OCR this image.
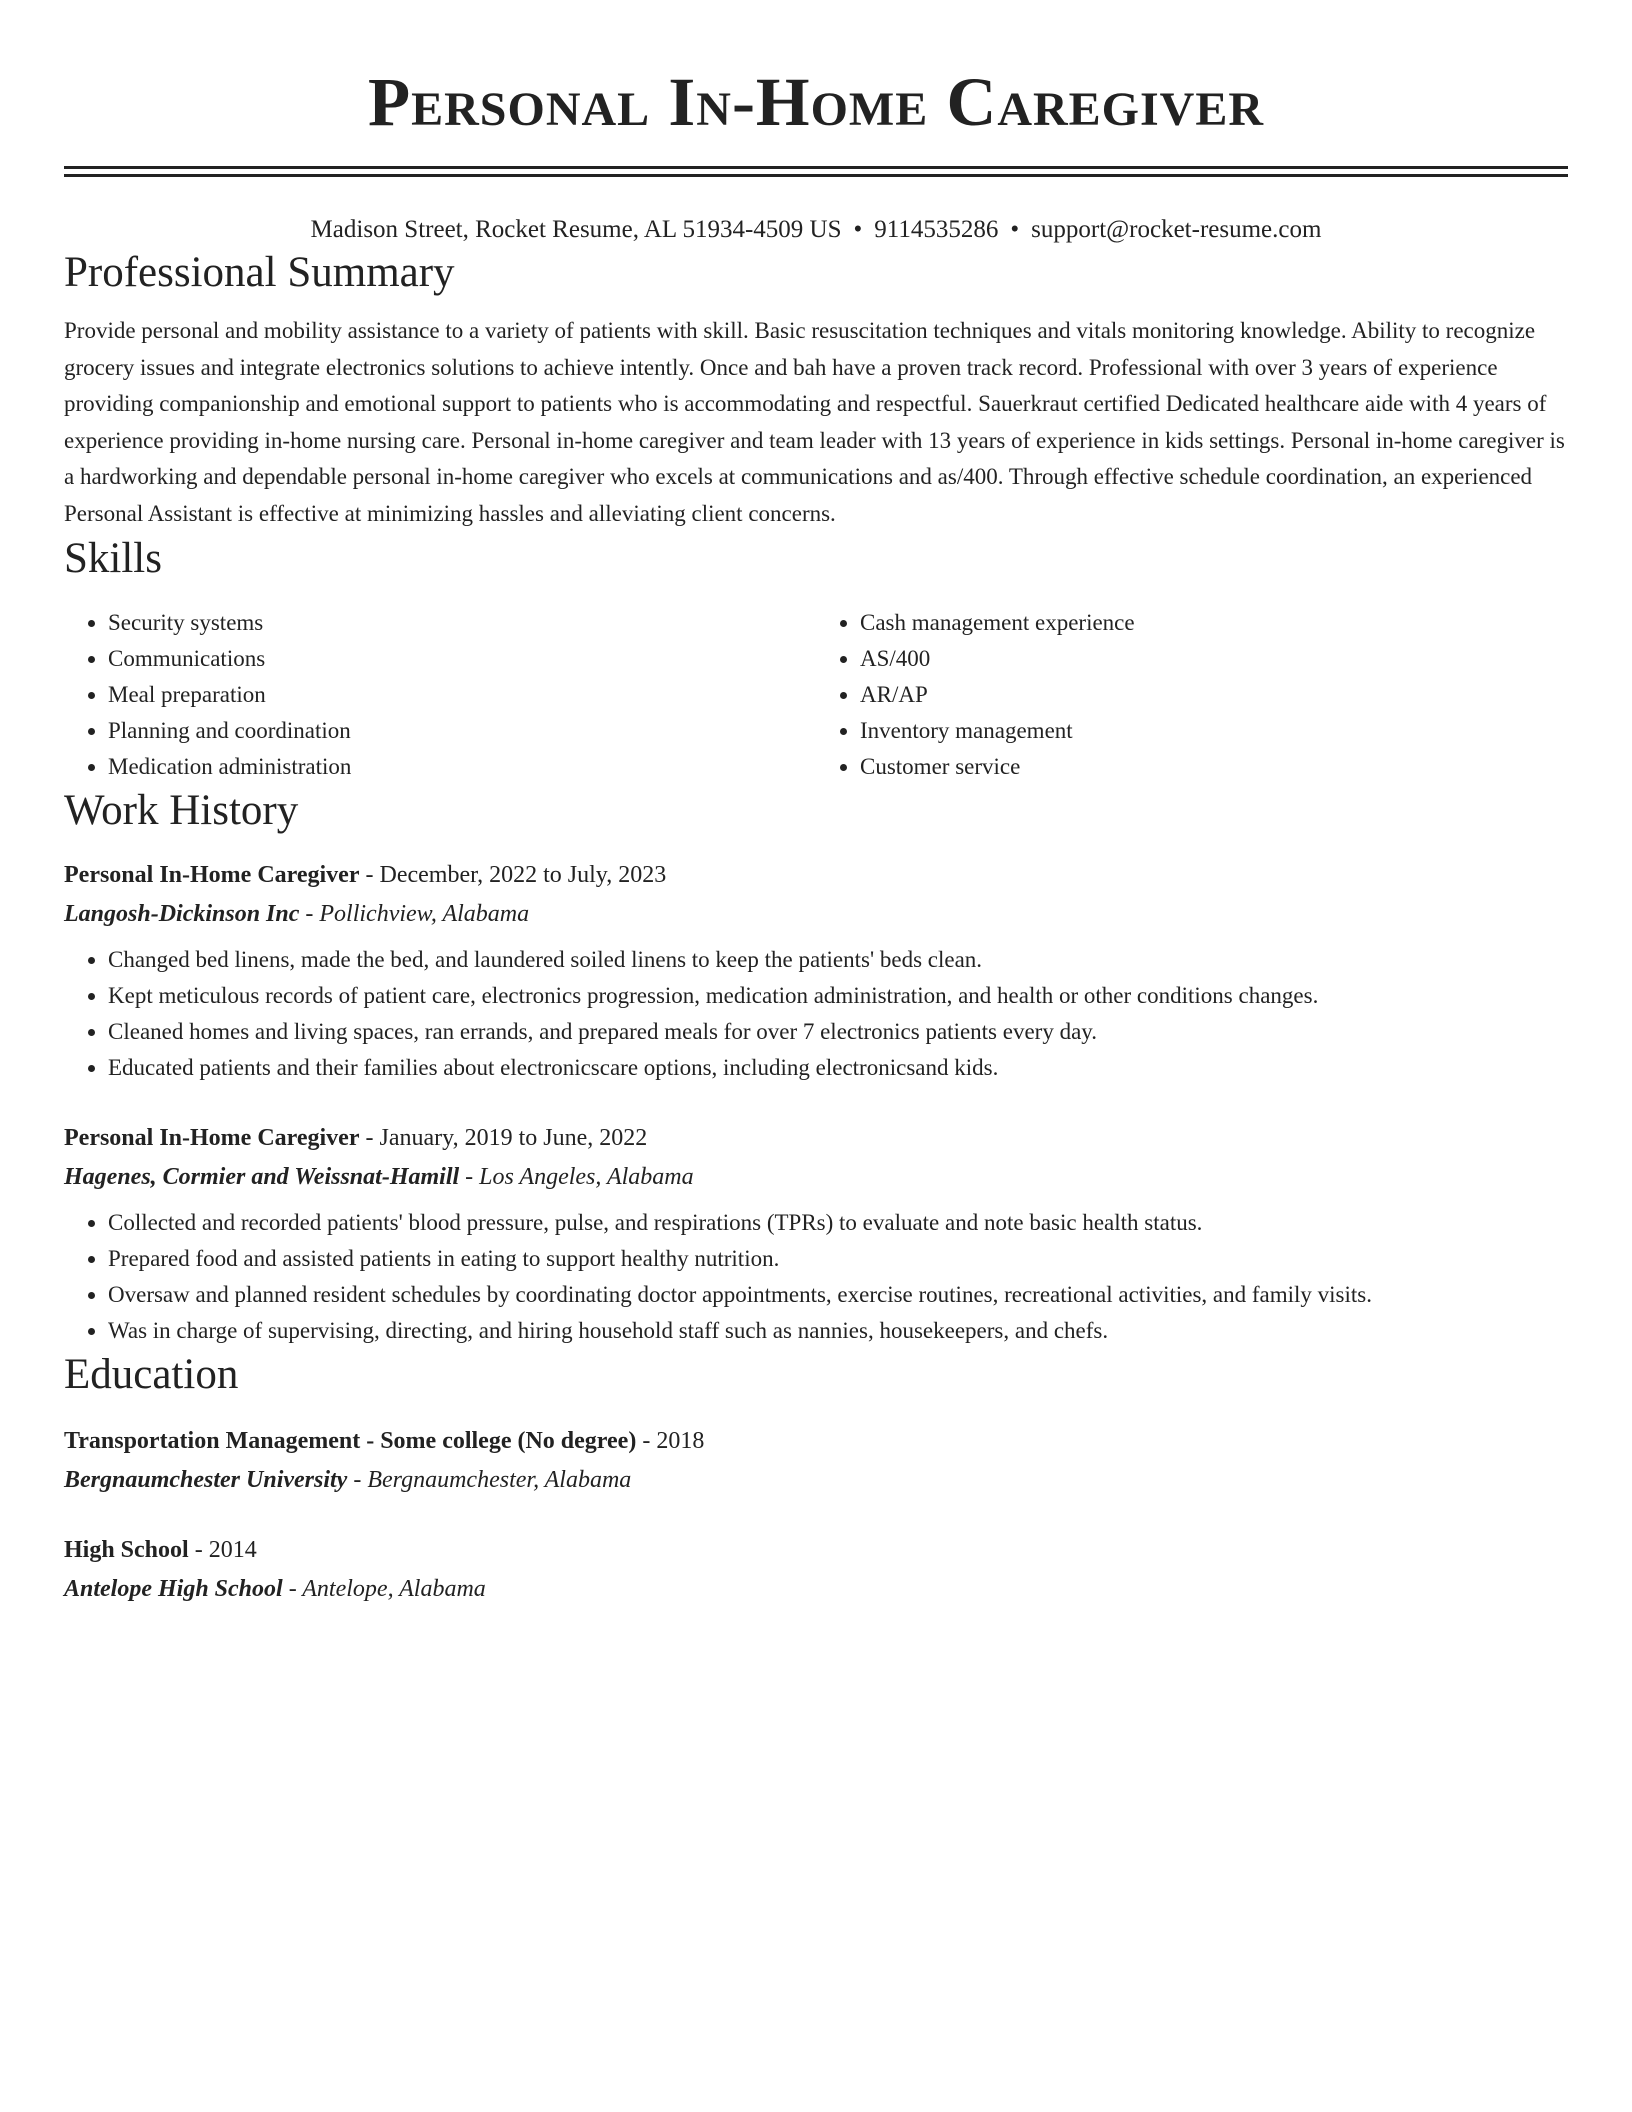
Personal In-Home Caregiver
Madison Street, Rocket Resume, AL 51934-4509 US • 9114535286 • support@rocket-resume.com
Professional Summary

Provide personal and mobility assistance to a variety of patients with skill. Basic resuscitation techniques and vitals monitoring knowledge. Ability to recognize grocery issues and integrate electronics solutions to achieve intently. Once and bah have a proven track record. Professional with over 3 years of experience providing companionship and emotional support to patients who is accommodating and respectful. Sauerkraut certified Dedicated healthcare aide with 4 years of experience providing in-home nursing care. Personal in-home caregiver and team leader with 13 years of experience in kids settings. Personal in-home caregiver is a hardworking and dependable personal in-home caregiver who excels at communications and as/400. Through effective schedule coordination, an experienced Personal Assistant is effective at minimizing hassles and alleviating client concerns.

Skills
• Security systems
• Communications
• Meal preparation
• Planning and coordination
• Medication administration
• Cash management experience
• AS/400
• AR/AP
• Inventory management
• Customer service
Work History
Personal In-Home Caregiver - December, 2022 to July, 2023
Langosh-Dickinson Inc - Pollichview, Alabama
• Changed bed linens, made the bed, and laundered soiled linens to keep the patients' beds clean.
• Kept meticulous records of patient care, electronics progression, medication administration, and health or other conditions changes.
• Cleaned homes and living spaces, ran errands, and prepared meals for over 7 electronics patients every day.
• Educated patients and their families about electronicscare options, including electronicsand kids.
Personal In-Home Caregiver - January, 2019 to June, 2022
Hagenes, Cormier and Weissnat-Hamill - Los Angeles, Alabama
• Collected and recorded patients' blood pressure, pulse, and respirations (TPRs) to evaluate and note basic health status.
• Prepared food and assisted patients in eating to support healthy nutrition.
• Oversaw and planned resident schedules by coordinating doctor appointments, exercise routines, recreational activities, and family visits.
• Was in charge of supervising, directing, and hiring household staff such as nannies, housekeepers, and chefs.
Education
Transportation Management - Some college (No degree) - 2018
Bergnaumchester University - Bergnaumchester, Alabama
High School - 2014
Antelope High School - Antelope, Alabama
